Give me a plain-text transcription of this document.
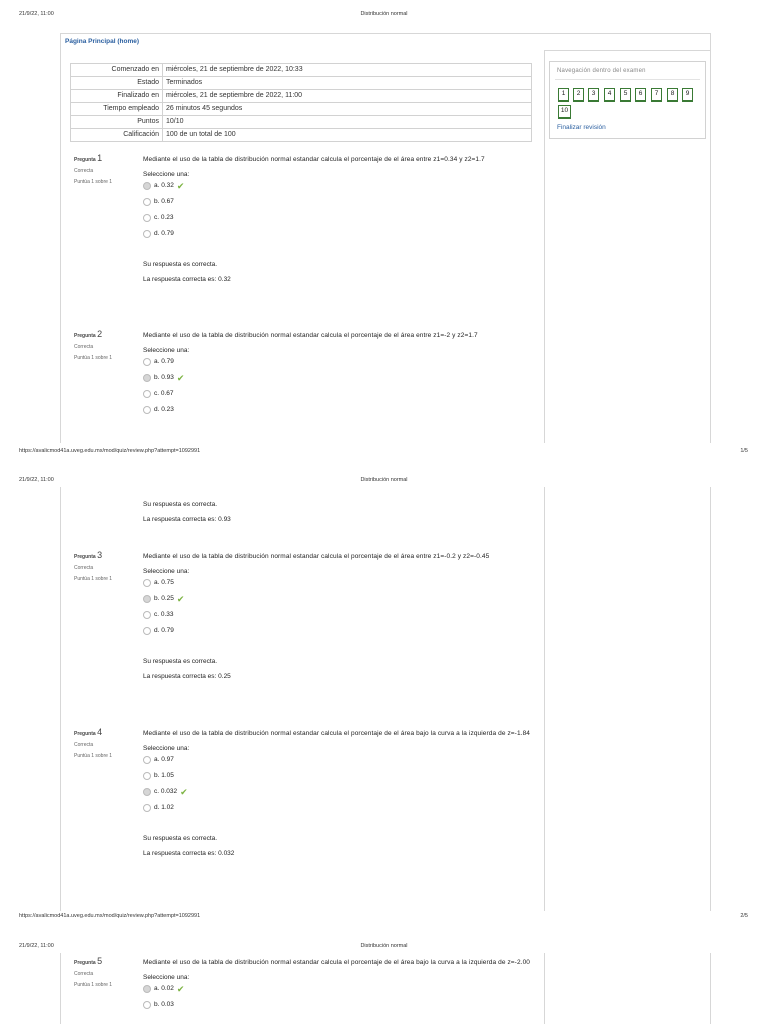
21/9/22, 11:00	Distribución normal
Página Principal (home)
Comenzado en	miércoles, 21 de septiembre de 2022, 10:33
Estado	Terminados
Finalizado en	miércoles, 21 de septiembre de 2022, 11:00
Tiempo empleado	26 minutos 45 segundos
Puntos	10/10
Calificación	100 de un total de 100
Navegación dentro del examen
1	2	3	4	5	6	7	8	9
10
Finalizar revisión
Pregunta 1
Correcta
Puntúa 1 sobre 1
Mediante el uso de la tabla de distribución normal estandar calcula el porcentaje de el área entre z1=0.34 y z2=1.7
Seleccione una:
a. 0.32 ✔
b. 0.67
c. 0.23
d. 0.79
Su respuesta es correcta.
La respuesta correcta es: 0.32
Pregunta 2
Correcta
Puntúa 1 sobre 1
Mediante el uso de la tabla de distribución normal estandar calcula el porcentaje de el área entre z1=-2 y z2=1.7
Seleccione una:
a. 0.79
b. 0.93 ✔
c. 0.67
d. 0.23
https://avalicmod41a.uveg.edu.mx/mod/quiz/review.php?attempt=1092991	1/5
21/9/22, 11:00	Distribución normal
Su respuesta es correcta.
La respuesta correcta es: 0.93
Pregunta 3
Correcta
Puntúa 1 sobre 1
Mediante el uso de la tabla de distribución normal estandar calcula el porcentaje de el área entre z1=-0.2 y z2=-0.45
Seleccione una:
a. 0.75
b. 0.25 ✔
c. 0.33
d. 0.79
Su respuesta es correcta.
La respuesta correcta es: 0.25
Pregunta 4
Correcta
Puntúa 1 sobre 1
Mediante el uso de la tabla de distribución normal estandar calcula el porcentaje de el área bajo la curva a la izquierda de z=-1.84
Seleccione una:
a. 0.97
b. 1.05
c. 0.032 ✔
d. 1.02
Su respuesta es correcta.
La respuesta correcta es: 0.032
https://avalicmod41a.uveg.edu.mx/mod/quiz/review.php?attempt=1092991	2/5
21/9/22, 11:00	Distribución normal
Pregunta 5
Correcta
Puntúa 1 sobre 1
Mediante el uso de la tabla de distribución normal estandar calcula el porcentaje de el área bajo la curva a la izquierda de z=-2.00
Seleccione una:
a. 0.02 ✔
b. 0.03
